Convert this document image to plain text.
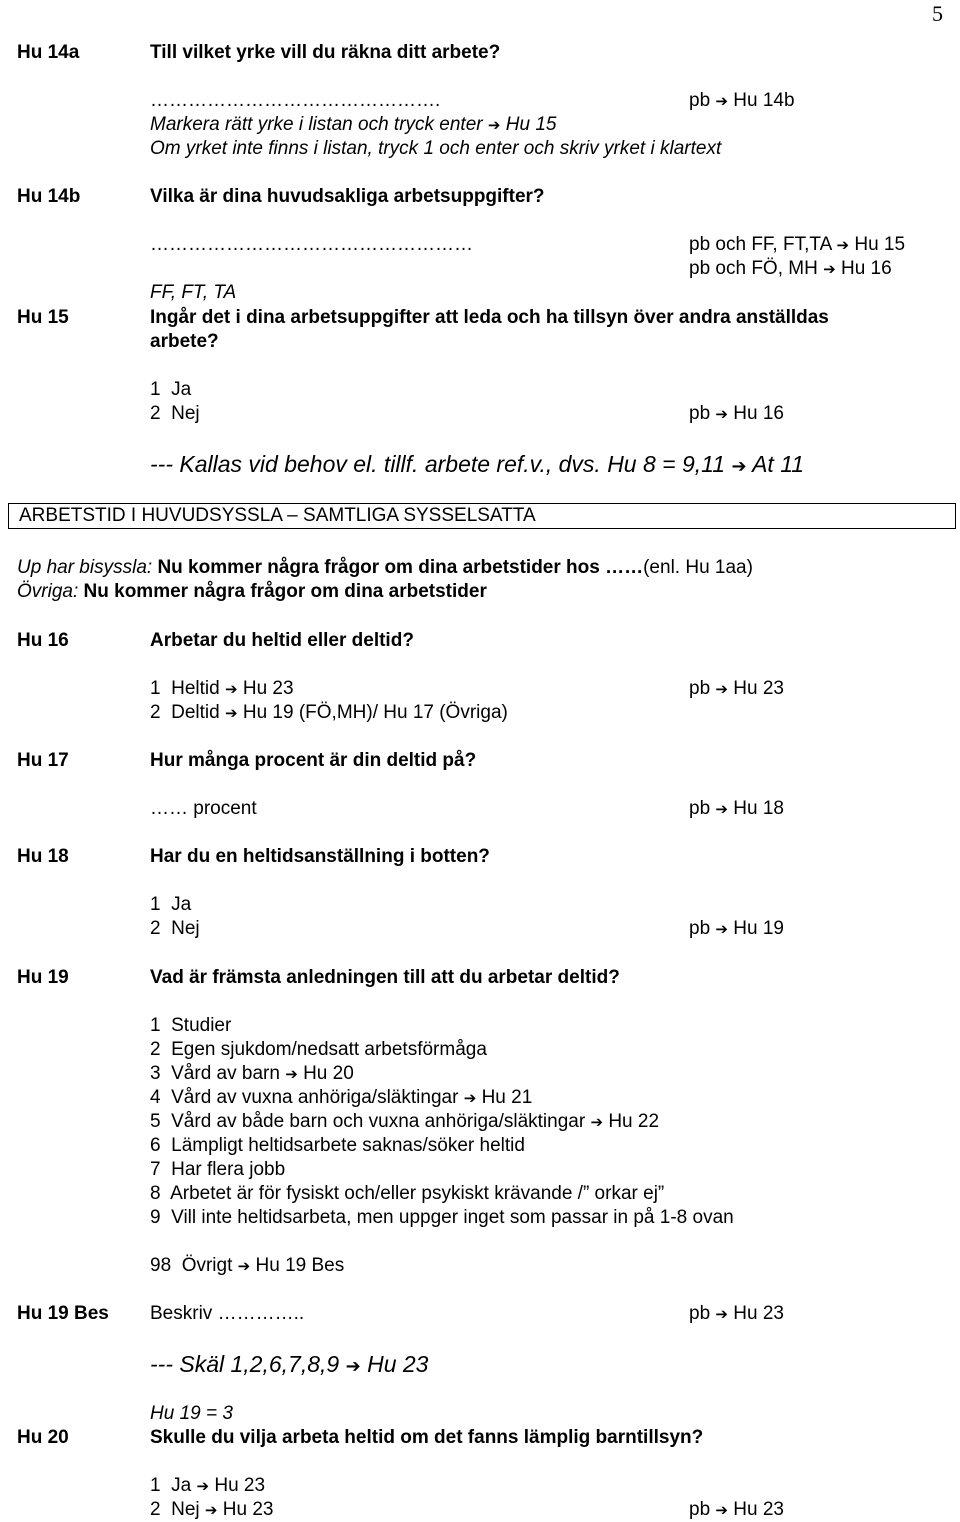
5
Hu 14a	Till vilket yrke vill du räkna ditt arbete?
……………………………………….	pb ➔ Hu 14b
Markera rätt yrke i listan och tryck enter ➔ Hu 15
Om yrket inte finns i listan, tryck 1 och enter och skriv yrket i klartext
Hu 14b	Vilka är dina huvudsakliga arbetsuppgifter?
……………………………………………	pb och FF, FT,TA ➔ Hu 15
pb och FÖ, MH ➔ Hu 16
FF, FT, TA
Hu 15	Ingår det i dina arbetsuppgifter att leda och ha tillsyn över andra anställdas
arbete?
1  Ja
2  Nej	pb ➔ Hu 16
--- Kallas vid behov el. tillf. arbete ref.v., dvs. Hu 8 = 9,11 ➔ At 11
ARBETSTID I HUVUDSYSSLA – SAMTLIGA SYSSELSATTA
Up har bisyssla: Nu kommer några frågor om dina arbetstider hos ……(enl. Hu 1aa)
Övriga: Nu kommer några frågor om dina arbetstider
Hu 16	Arbetar du heltid eller deltid?
1  Heltid ➔ Hu 23	pb ➔ Hu 23
2  Deltid ➔ Hu 19 (FÖ,MH)/ Hu 17 (Övriga)
Hu 17	Hur många procent är din deltid på?
…… procent	pb ➔ Hu 18
Hu 18	Har du en heltidsanställning i botten?
1  Ja
2  Nej	pb ➔ Hu 19
Hu 19	Vad är främsta anledningen till att du arbetar deltid?
1  Studier
2  Egen sjukdom/nedsatt arbetsförmåga
3  Vård av barn ➔ Hu 20
4  Vård av vuxna anhöriga/släktingar ➔ Hu 21
5  Vård av både barn och vuxna anhöriga/släktingar ➔ Hu 22
6  Lämpligt heltidsarbete saknas/söker heltid
7  Har flera jobb
8  Arbetet är för fysiskt och/eller psykiskt krävande /” orkar ej”
9  Vill inte heltidsarbeta, men uppger inget som passar in på 1-8 ovan
98  Övrigt ➔ Hu 19 Bes
Hu 19 Bes Beskriv …………..	pb ➔ Hu 23
--- Skäl 1,2,6,7,8,9 ➔ Hu 23
Hu 19 = 3
Hu 20	Skulle du vilja arbeta heltid om det fanns lämplig barntillsyn?
1  Ja ➔ Hu 23
2  Nej ➔ Hu 23	pb ➔ Hu 23
